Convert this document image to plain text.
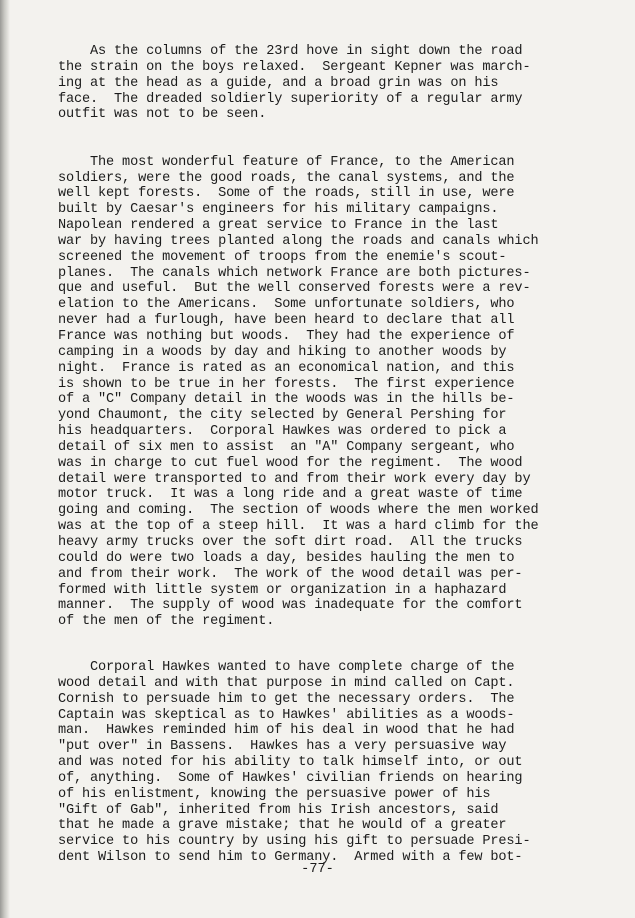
As the columns of the 23rd hove in sight down the road
the strain on the boys relaxed.  Sergeant Kepner was march-
ing at the head as a guide, and a broad grin was on his
face.  The dreaded soldierly superiority of a regular army
outfit was not to be seen.
The most wonderful feature of France, to the American
soldiers, were the good roads, the canal systems, and the
well kept forests.  Some of the roads, still in use, were
built by Caesar's engineers for his military campaigns.
Napolean rendered a great service to France in the last
war by having trees planted along the roads and canals which
screened the movement of troops from the enemie's scout-
planes.  The canals which network France are both pictures-
que and useful.  But the well conserved forests were a rev-
elation to the Americans.  Some unfortunate soldiers, who
never had a furlough, have been heard to declare that all
France was nothing but woods.  They had the experience of
camping in a woods by day and hiking to another woods by
night.  France is rated as an economical nation, and this
is shown to be true in her forests.  The first experience
of a "C" Company detail in the woods was in the hills be-
yond Chaumont, the city selected by General Pershing for
his headquarters.  Corporal Hawkes was ordered to pick a
detail of six men to assist  an "A" Company sergeant, who
was in charge to cut fuel wood for the regiment.  The wood
detail were transported to and from their work every day by
motor truck.  It was a long ride and a great waste of time
going and coming.  The section of woods where the men worked
was at the top of a steep hill.  It was a hard climb for the
heavy army trucks over the soft dirt road.  All the trucks
could do were two loads a day, besides hauling the men to
and from their work.  The work of the wood detail was per-
formed with little system or organization in a haphazard
manner.  The supply of wood was inadequate for the comfort
of the men of the regiment.
Corporal Hawkes wanted to have complete charge of the
wood detail and with that purpose in mind called on Capt.
Cornish to persuade him to get the necessary orders.  The
Captain was skeptical as to Hawkes' abilities as a woods-
man.  Hawkes reminded him of his deal in wood that he had
"put over" in Bassens.  Hawkes has a very persuasive way
and was noted for his ability to talk himself into, or out
of, anything.  Some of Hawkes' civilian friends on hearing
of his enlistment, knowing the persuasive power of his
"Gift of Gab", inherited from his Irish ancestors, said
that he made a grave mistake; that he would of a greater
service to his country by using his gift to persuade Presi-
dent Wilson to send him to Germany.  Armed with a few bot-
-77-
